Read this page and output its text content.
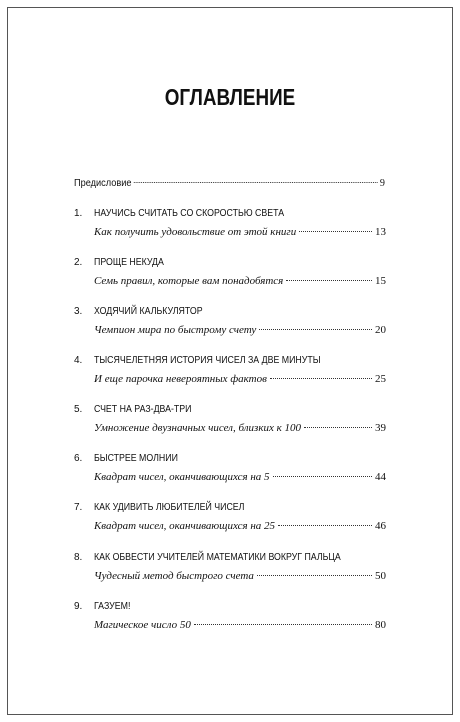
ОГЛАВЛЕНИЕ
Предисловие	9
1.	НАУЧИСЬ СЧИТАТЬ СО СКОРОСТЬЮ СВЕТА
Как получить удовольствие от этой книги	13
2.	ПРОЩЕ НЕКУДА
Семь правил, которые вам понадобятся	15
3.	ХОДЯЧИЙ КАЛЬКУЛЯТОР
Чемпион мира по быстрому счету	20
4.	ТЫСЯЧЕЛЕТНЯЯ ИСТОРИЯ ЧИСЕЛ ЗА ДВЕ МИНУТЫ
И еще парочка невероятных фактов	25
5.	СЧЕТ НА РАЗ-ДВА-ТРИ
Умножение двузначных чисел, близких к 100	39
6.	БЫСТРЕЕ МОЛНИИ
Квадрат чисел, оканчивающихся на 5	44
7.	КАК УДИВИТЬ ЛЮБИТЕЛЕЙ ЧИСЕЛ
Квадрат чисел, оканчивающихся на 25	46
8.	КАК ОБВЕСТИ УЧИТЕЛЕЙ МАТЕМАТИКИ ВОКРУГ ПАЛЬЦА
Чудесный метод быстрого счета	50
9.	ГАЗУЕМ!
Магическое число 50	80
